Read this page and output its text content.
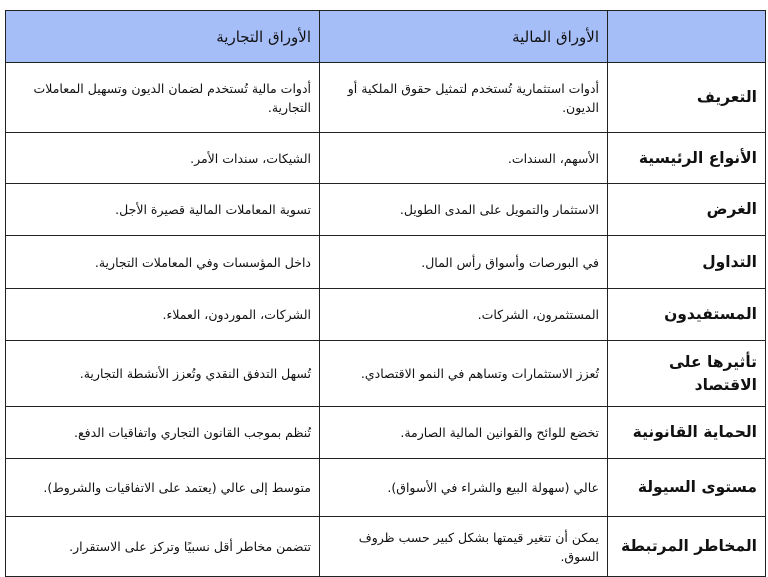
	الأوراق المالية	الأوراق التجارية
التعريف	أدوات استثمارية تُستخدم لتمثيل حقوق الملكية أو الديون.	أدوات مالية تُستخدم لضمان الديون وتسهيل المعاملات التجارية.
الأنواع الرئيسية	الأسهم، السندات.	الشيكات، سندات الأمر.
الغرض	الاستثمار والتمويل على المدى الطويل.	تسوية المعاملات المالية قصيرة الأجل.
التداول	في البورصات وأسواق رأس المال.	داخل المؤسسات وفي المعاملات التجارية.
المستفيدون	المستثمرون، الشركات.	الشركات، الموردون، العملاء.
تأثيرها على الاقتصاد	تُعزز الاستثمارات وتساهم في النمو الاقتصادي.	تُسهل التدفق النقدي وتُعزز الأنشطة التجارية.
الحماية القانونية	تخضع للوائح والقوانين المالية الصارمة.	تُنظم بموجب القانون التجاري واتفاقيات الدفع.
مستوى السيولة	عالي (سهولة البيع والشراء في الأسواق).	متوسط إلى عالي (يعتمد على الاتفاقيات والشروط).
المخاطر المرتبطة	يمكن أن تتغير قيمتها بشكل كبير حسب ظروف السوق.	تتضمن مخاطر أقل نسبيًا وتركز على الاستقرار.
